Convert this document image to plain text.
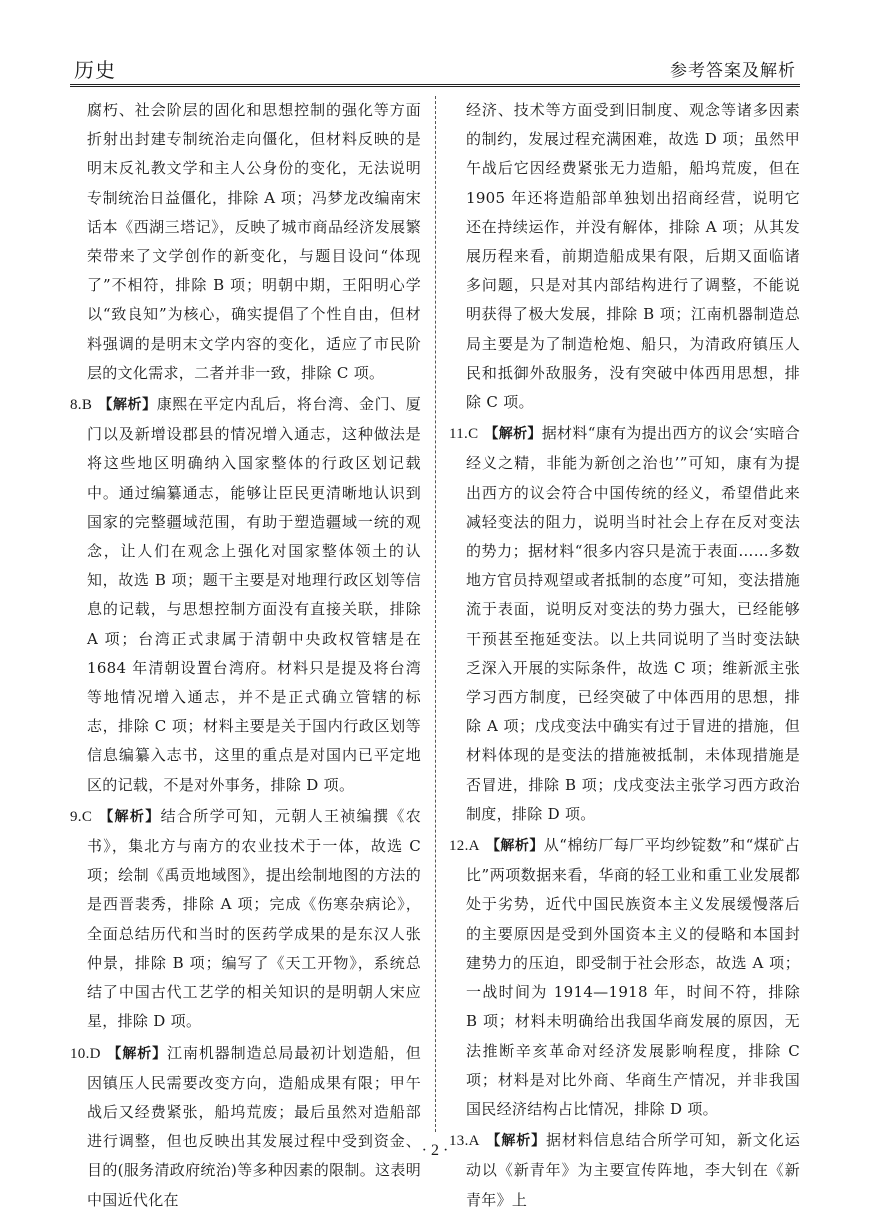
历史	参考答案及解析

腐朽、社会阶层的固化和思想控制的强化等方面折射出封建专制统治走向僵化，但材料反映的是明末反礼教文学和主人公身份的变化，无法说明专制统治日益僵化，排除 A 项；冯梦龙改编南宋话本《西湖三塔记》，反映了城市商品经济发展繁荣带来了文学创作的新变化，与题目设问“体现了”不相符，排除 B 项；明朝中期，王阳明心学以“致良知”为核心，确实提倡了个性自由，但材料强调的是明末文学内容的变化，适应了市民阶层的文化需求，二者并非一致，排除 C 项。

8.B 【解析】康熙在平定内乱后，将台湾、金门、厦门以及新增设郡县的情况增入通志，这种做法是将这些地区明确纳入国家整体的行政区划记载中。通过编纂通志，能够让臣民更清晰地认识到国家的完整疆域范围，有助于塑造疆域一统的观念，让人们在观念上强化对国家整体领土的认知，故选 B 项；题干主要是对地理行政区划等信息的记载，与思想控制方面没有直接关联，排除 A 项；台湾正式隶属于清朝中央政权管辖是在 1684 年清朝设置台湾府。材料只是提及将台湾等地情况增入通志，并不是正式确立管辖的标志，排除 C 项；材料主要是关于国内行政区划等信息编纂入志书，这里的重点是对国内已平定地区的记载，不是对外事务，排除 D 项。

9.C 【解析】结合所学可知，元朝人王祯编撰《农书》，集北方与南方的农业技术于一体，故选 C 项；绘制《禹贡地域图》，提出绘制地图的方法的是西晋裴秀，排除 A 项；完成《伤寒杂病论》，全面总结历代和当时的医药学成果的是东汉人张仲景，排除 B 项；编写了《天工开物》，系统总结了中国古代工艺学的相关知识的是明朝人宋应星，排除 D 项。

10.D 【解析】江南机器制造总局最初计划造船，但因镇压人民需要改变方向，造船成果有限；甲午战后又经费紧张，船坞荒废；最后虽然对造船部进行调整，但也反映出其发展过程中受到资金、目的(服务清政府统治)等多种因素的限制。这表明中国近代化在

经济、技术等方面受到旧制度、观念等诸多因素的制约，发展过程充满困难，故选 D 项；虽然甲午战后它因经费紧张无力造船，船坞荒废，但在 1905 年还将造船部单独划出招商经营，说明它还在持续运作，并没有解体，排除 A 项；从其发展历程来看，前期造船成果有限，后期又面临诸多问题，只是对其内部结构进行了调整，不能说明获得了极大发展，排除 B 项；江南机器制造总局主要是为了制造枪炮、船只，为清政府镇压人民和抵御外敌服务，没有突破中体西用思想，排除 C 项。

11.C 【解析】据材料“康有为提出西方的议会‘实暗合经义之精，非能为新创之治也’”可知，康有为提出西方的议会符合中国传统的经义，希望借此来减轻变法的阻力，说明当时社会上存在反对变法的势力；据材料“很多内容只是流于表面……多数地方官员持观望或者抵制的态度”可知，变法措施流于表面，说明反对变法的势力强大，已经能够干预甚至拖延变法。以上共同说明了当时变法缺乏深入开展的实际条件，故选 C 项；维新派主张学习西方制度，已经突破了中体西用的思想，排除 A 项；戊戌变法中确实有过于冒进的措施，但材料体现的是变法的措施被抵制，未体现措施是否冒进，排除 B 项；戊戌变法主张学习西方政治制度，排除 D 项。

12.A 【解析】从“棉纺厂每厂平均纱锭数”和“煤矿占比”两项数据来看，华商的轻工业和重工业发展都处于劣势，近代中国民族资本主义发展缓慢落后的主要原因是受到外国资本主义的侵略和本国封建势力的压迫，即受制于社会形态，故选 A 项；一战时间为 1914—1918 年，时间不符，排除 B 项；材料未明确给出我国华商发展的原因，无法推断辛亥革命对经济发展影响程度，排除 C 项；材料是对比外商、华商生产情况，并非我国国民经济结构占比情况，排除 D 项。

13.A 【解析】据材料信息结合所学可知，新文化运动以《新青年》为主要宣传阵地，李大钊在《新青年》上

· 2 ·
